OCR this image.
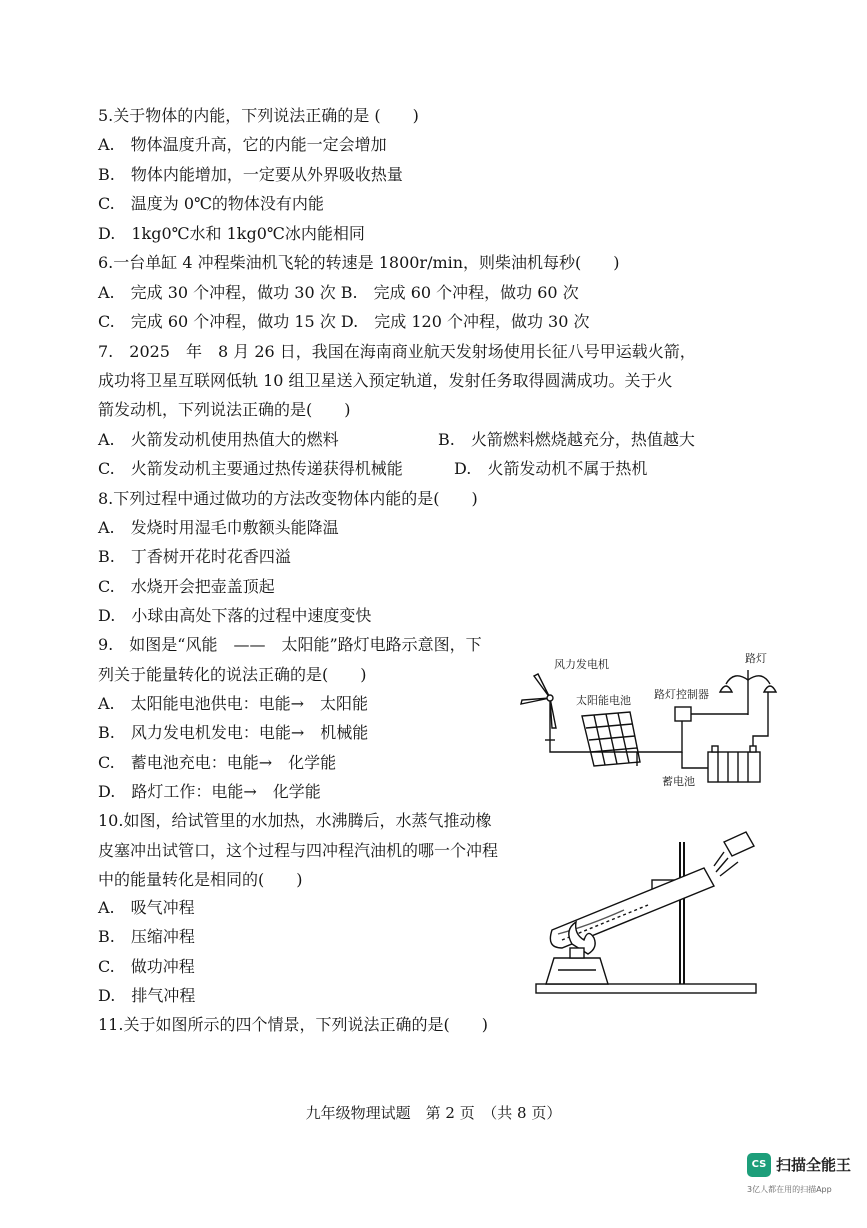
5.关于物体的内能，下列说法正确的是 (　　)
A.　物体温度升高，它的内能一定会增加
B.　物体内能增加，一定要从外界吸收热量
C.　温度为 0℃的物体没有内能
D.　1kg0℃水和 1kg0℃冰内能相同
6.一台单缸 4 冲程柴油机飞轮的转速是 1800r/min，则柴油机每秒(　　)
A.　完成 30 个冲程，做功 30 次 B.　完成 60 个冲程，做功 60 次
C.　完成 60 个冲程，做功 15 次 D.　完成 120 个冲程，做功 30 次
7.　2025　年　8 月 26 日，我国在海南商业航天发射场使用长征八号甲运载火箭，
成功将卫星互联网低轨 10 组卫星送入预定轨道，发射任务取得圆满成功。关于火
箭发动机，下列说法正确的是(　　)
A.　火箭发动机使用热值大的燃料	B.　火箭燃料燃烧越充分，热值越大
C.　火箭发动机主要通过热传递获得机械能	D.　火箭发动机不属于热机
8.下列过程中通过做功的方法改变物体内能的是(　　)
A.　发烧时用湿毛巾敷额头能降温
B.　丁香树开花时花香四溢
C.　水烧开会把壶盖顶起
D.　小球由高处下落的过程中速度变快
9.　如图是“风能　——　太阳能”路灯电路示意图，下
列关于能量转化的说法正确的是(　　)
A.　太阳能电池供电：电能→　太阳能
B.　风力发电机发电：电能→　机械能
C.　蓄电池充电：电能→　化学能
D.　路灯工作：电能→　化学能
风力发电机
太阳能电池 路灯控制器
路灯
蓄电池
10.如图，给试管里的水加热，水沸腾后，水蒸气推动橡
皮塞冲出试管口，这个过程与四冲程汽油机的哪一个冲程
中的能量转化是相同的(　　)
A.　吸气冲程
B.　压缩冲程
C.　做功冲程
D.　排气冲程
11.关于如图所示的四个情景，下列说法正确的是(　　)
九年级物理试题　第 2 页　（共 8 页）
CS 扫描全能王
3亿人都在用的扫描App
